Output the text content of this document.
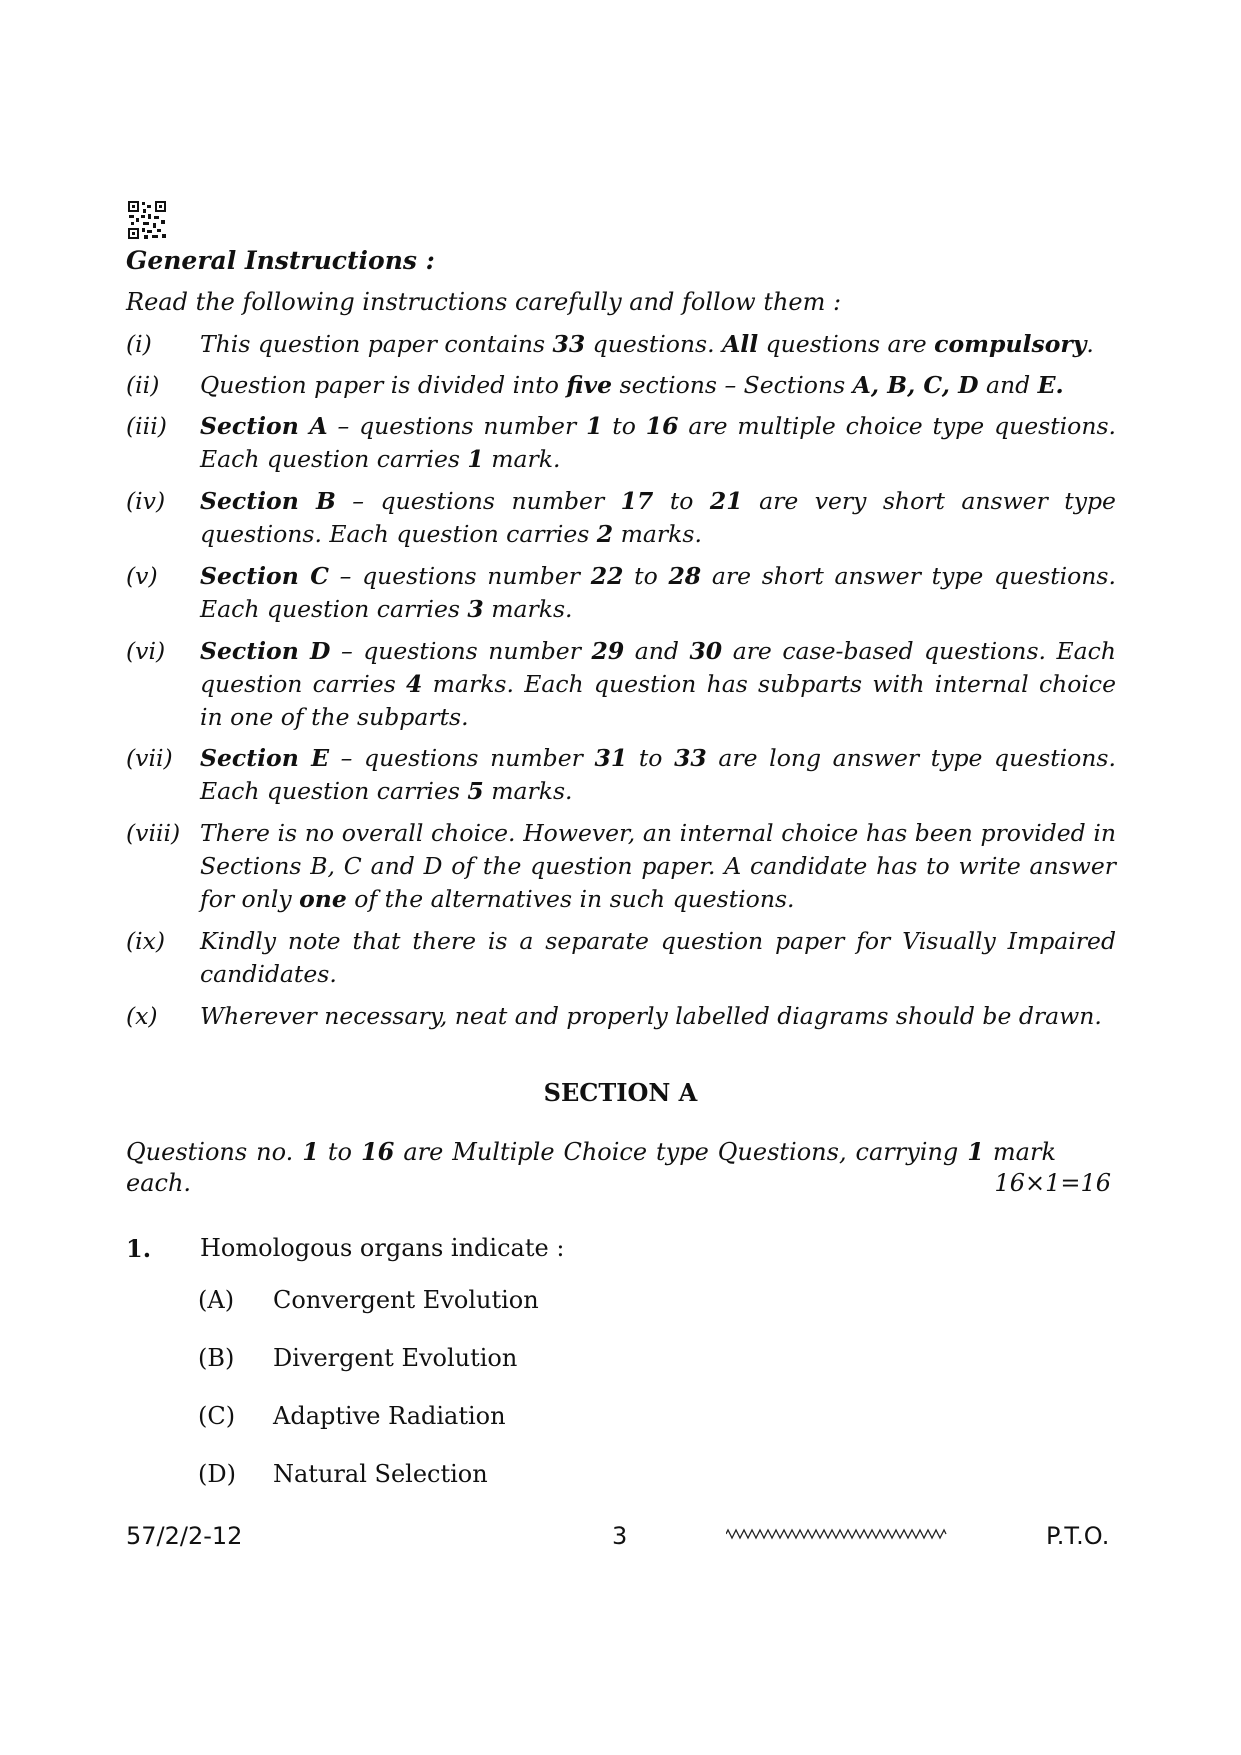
General Instructions :
Read the following instructions carefully and follow them :
(i)	This question paper contains 33 questions. All questions are compulsory.
(ii)	Question paper is divided into five sections – Sections A, B, C, D and E.
(iii)	Section A – questions number 1 to 16 are multiple choice type questions. Each question carries 1 mark.
(iv)	Section B – questions number 17 to 21 are very short answer type questions. Each question carries 2 marks.
(v)	Section C – questions number 22 to 28 are short answer type questions. Each question carries 3 marks.
(vi)	Section D – questions number 29 and 30 are case-based questions. Each question carries 4 marks. Each question has subparts with internal choice in one of the subparts.
(vii)	Section E – questions number 31 to 33 are long answer type questions. Each question carries 5 marks.
(viii) There is no overall choice. However, an internal choice has been provided in Sections B, C and D of the question paper. A candidate has to write answer for only one of the alternatives in such questions.
(ix)	Kindly note that there is a separate question paper for Visually Impaired candidates.
(x)	Wherever necessary, neat and properly labelled diagrams should be drawn.
SECTION A
Questions no. 1 to 16 are Multiple Choice type Questions, carrying 1 mark
each.	16×1=16
1. Homologous organs indicate :
(A) Convergent Evolution
(B) Divergent Evolution
(C) Adaptive Radiation
(D) Natural Selection
57/2/2-12	3	P.T.O.
